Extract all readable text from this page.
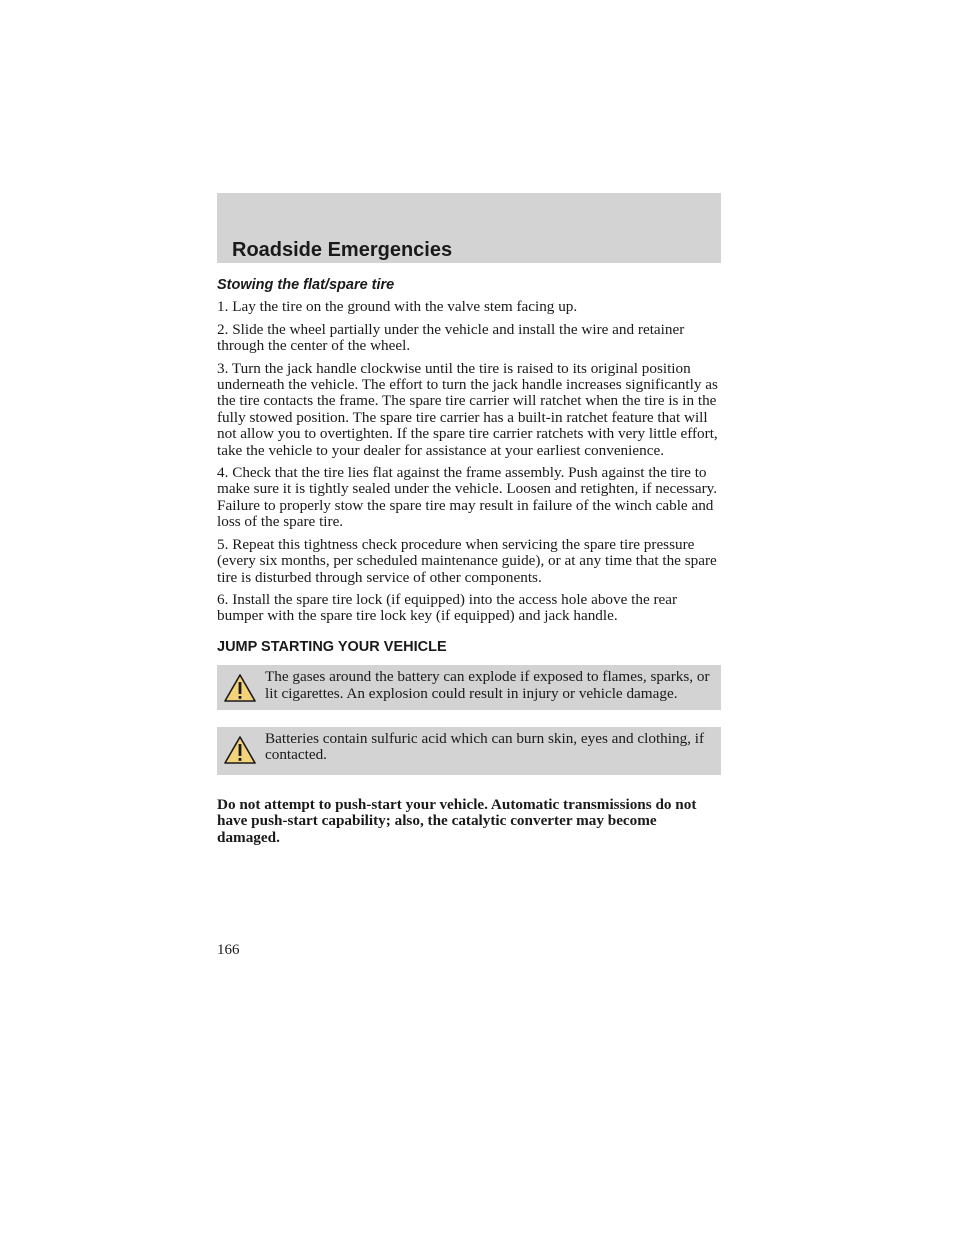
Roadside Emergencies
Stowing the flat/spare tire

1. Lay the tire on the ground with the valve stem facing up.

2. Slide the wheel partially under the vehicle and install the wire and retainer through the center of the wheel.

3. Turn the jack handle clockwise until the tire is raised to its original position underneath the vehicle. The effort to turn the jack handle increases significantly as the tire contacts the frame. The spare tire carrier will ratchet when the tire is in the fully stowed position. The spare tire carrier has a built-in ratchet feature that will not allow you to overtighten. If the spare tire carrier ratchets with very little effort, take the vehicle to your dealer for assistance at your earliest convenience.

4. Check that the tire lies flat against the frame assembly. Push against the tire to make sure it is tightly sealed under the vehicle. Loosen and retighten, if necessary. Failure to properly stow the spare tire may result in failure of the winch cable and loss of the spare tire.

5. Repeat this tightness check procedure when servicing the spare tire pressure (every six months, per scheduled maintenance guide), or at any time that the spare tire is disturbed through service of other components.

6. Install the spare tire lock (if equipped) into the access hole above the rear bumper with the spare tire lock key (if equipped) and jack handle.

JUMP STARTING YOUR VEHICLE
The gases around the battery can explode if exposed to flames, sparks, or lit cigarettes. An explosion could result in injury or vehicle damage.
Batteries contain sulfuric acid which can burn skin, eyes and clothing, if contacted.

Do not attempt to push-start your vehicle. Automatic transmissions do not have push-start capability; also, the catalytic converter may become damaged.

166
